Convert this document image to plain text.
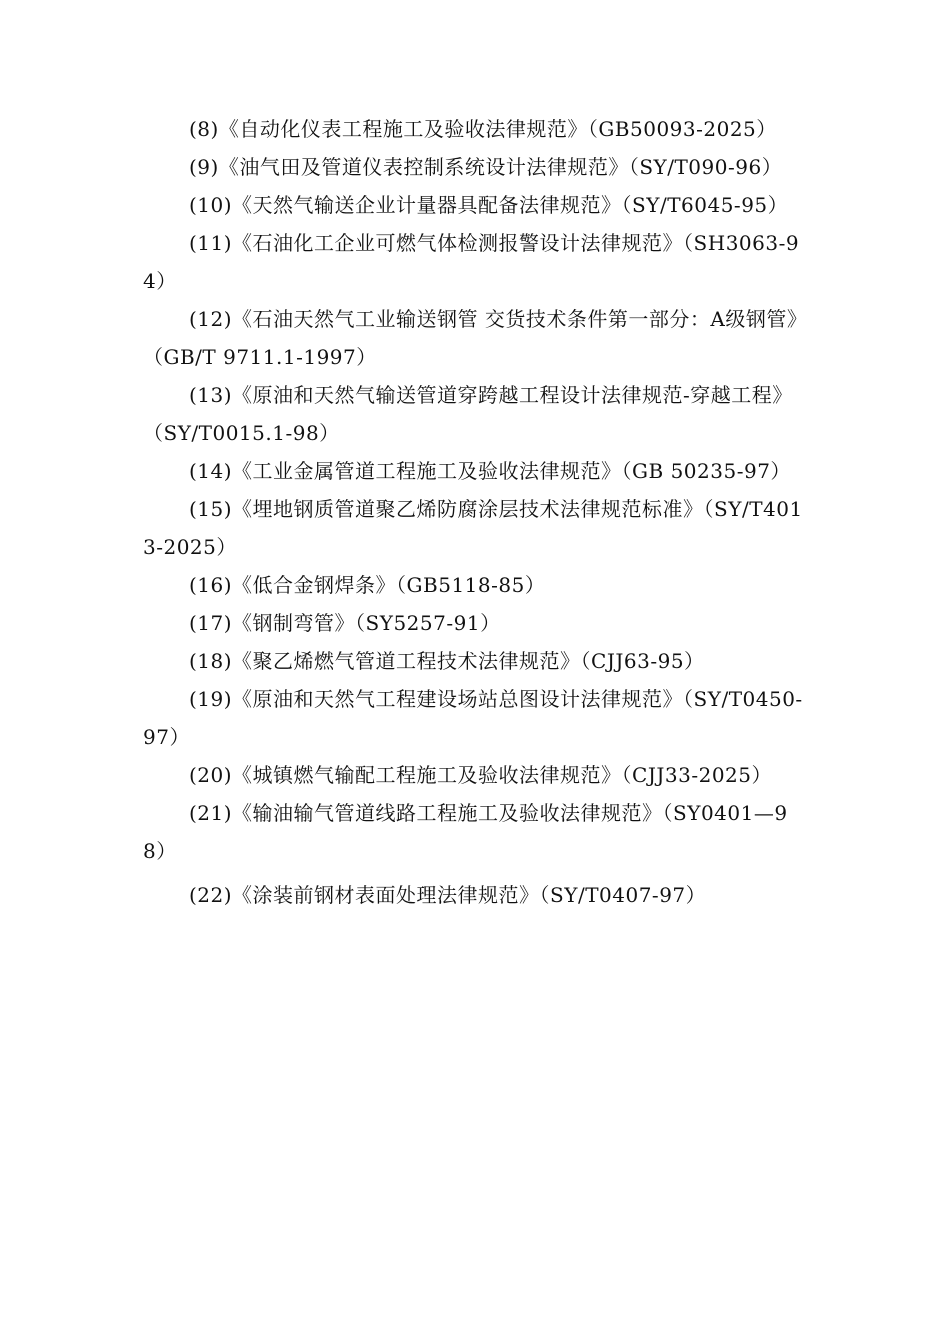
(8)《自动化仪表工程施工及验收法律规范》（GB50093-2025）

(9)《油气田及管道仪表控制系统设计法律规范》（SY/T090-96）

(10)《天然气输送企业计量器具配备法律规范》（SY/T6045-95）

(11)《石油化工企业可燃气体检测报警设计法律规范》（SH3063-94）

(12)《石油天然气工业输送钢管 交货技术条件第一部分：A级钢管》（GB/T 9711.1-1997）

(13)《原油和天然气输送管道穿跨越工程设计法律规范-穿越工程》（SY/T0015.1-98）

(14)《工业金属管道工程施工及验收法律规范》（GB 50235-97）

(15)《埋地钢质管道聚乙烯防腐涂层技术法律规范标准》（SY/T4013-2025）

(16)《低合金钢焊条》（GB5118-85）

(17)《钢制弯管》（SY5257-91）

(18)《聚乙烯燃气管道工程技术法律规范》（CJJ63-95）

(19)《原油和天然气工程建设场站总图设计法律规范》（SY/T0450-97）

(20)《城镇燃气输配工程施工及验收法律规范》（CJJ33-2025）

(21)《输油输气管道线路工程施工及验收法律规范》（SY0401—98）

(22)《涂装前钢材表面处理法律规范》（SY/T0407-97）
